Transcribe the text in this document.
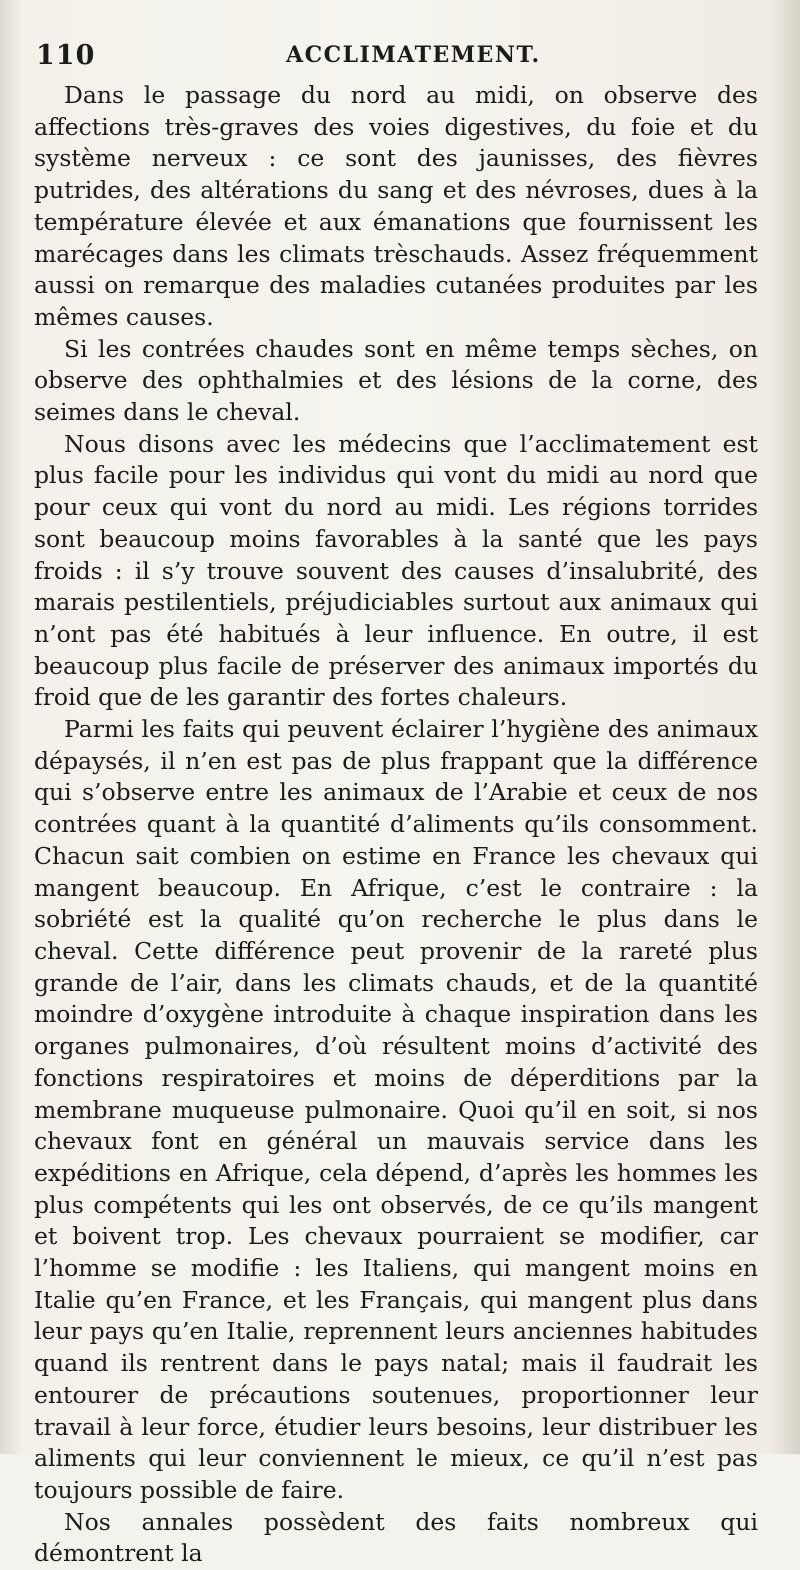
110	ACCLIMATEMENT.

Dans le passage du nord au midi, on observe des affections très-graves des voies digestives, du foie et du système nerveux : ce sont des jaunisses, des fièvres putrides, des altérations du sang et des névroses, dues à la température élevée et aux émanations que fournissent les marécages dans les climats trèschauds. Assez fréquemment aussi on remarque des maladies cutanées produites par les mêmes causes.

Si les contrées chaudes sont en même temps sèches, on observe des ophthalmies et des lésions de la corne, des seimes dans le cheval.

Nous disons avec les médecins que l’acclimatement est plus facile pour les individus qui vont du midi au nord que pour ceux qui vont du nord au midi. Les régions torrides sont beaucoup moins favorables à la santé que les pays froids : il s’y trouve souvent des causes d’insalubrité, des marais pestilentiels, préjudiciables surtout aux animaux qui n’ont pas été habitués à leur influence. En outre, il est beaucoup plus facile de préserver des animaux importés du froid que de les garantir des fortes chaleurs.

Parmi les faits qui peuvent éclairer l’hygiène des animaux dépaysés, il n’en est pas de plus frappant que la différence qui s’observe entre les animaux de l’Arabie et ceux de nos contrées quant à la quantité d’aliments qu’ils consomment. Chacun sait combien on estime en France les chevaux qui mangent beaucoup. En Afrique, c’est le contraire : la sobriété est la qualité qu’on recherche le plus dans le cheval. Cette différence peut provenir de la rareté plus grande de l’air, dans les climats chauds, et de la quantité moindre d’oxygène introduite à chaque inspiration dans les organes pulmonaires, d’où résultent moins d’activité des fonctions respiratoires et moins de déperditions par la membrane muqueuse pulmonaire. Quoi qu’il en soit, si nos chevaux font en général un mauvais service dans les expéditions en Afrique, cela dépend, d’après les hommes les plus compétents qui les ont observés, de ce qu’ils mangent et boivent trop. Les chevaux pourraient se modifier, car l’homme se modifie : les Italiens, qui mangent moins en Italie qu’en France, et les Français, qui mangent plus dans leur pays qu’en Italie, reprennent leurs anciennes habitudes quand ils rentrent dans le pays natal; mais il faudrait les entourer de précautions soutenues, proportionner leur travail à leur force, étudier leurs besoins, leur distribuer les aliments qui leur conviennent le mieux, ce qu’il n’est pas toujours possible de faire.

Nos annales possèdent des faits nombreux qui démontrent la
